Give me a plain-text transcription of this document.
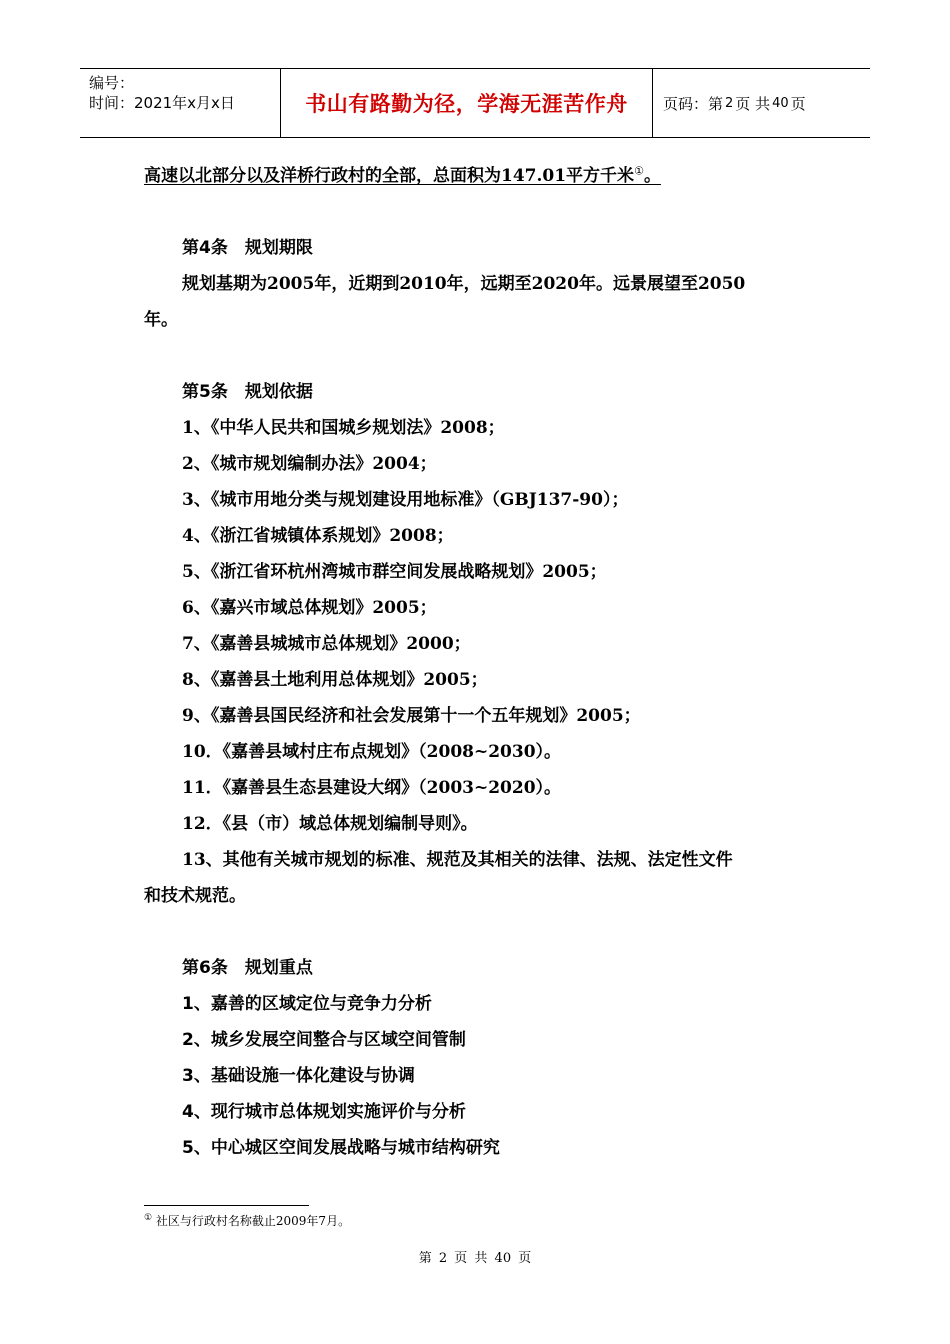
编号：
时间：2021年x月x日	书山有路勤为径，学海无涯苦作舟	页码：第 2 页 共 40 页
高速以北部分以及洋桥行政村的全部，总面积为147.01平方千米①。
第4条　规划期限
规划基期为2005年，近期到2010年，远期至2020年。远景展望至2050
年。
第5条　规划依据
1、《中华人民共和国城乡规划法》2008；
2、《城市规划编制办法》2004；
3、《城市用地分类与规划建设用地标准》（GBJ137-90）；
4、《浙江省城镇体系规划》2008；
5、《浙江省环杭州湾城市群空间发展战略规划》2005；
6、《嘉兴市域总体规划》2005；
7、《嘉善县城城市总体规划》2000；
8、《嘉善县土地利用总体规划》2005；
9、《嘉善县国民经济和社会发展第十一个五年规划》2005；
10．《嘉善县域村庄布点规划》（2008~2030）。
11．《嘉善县生态县建设大纲》（2003~2020）。
12．《县（市）域总体规划编制导则》。
13、其他有关城市规划的标准、规范及其相关的法律、法规、法定性文件
和技术规范。
第6条　规划重点
1、嘉善的区域定位与竞争力分析
2、城乡发展空间整合与区域空间管制
3、基础设施一体化建设与协调
4、现行城市总体规划实施评价与分析
5、中心城区空间发展战略与城市结构研究
① 社区与行政村名称截止2009年7月。
第 2 页 共 40 页
